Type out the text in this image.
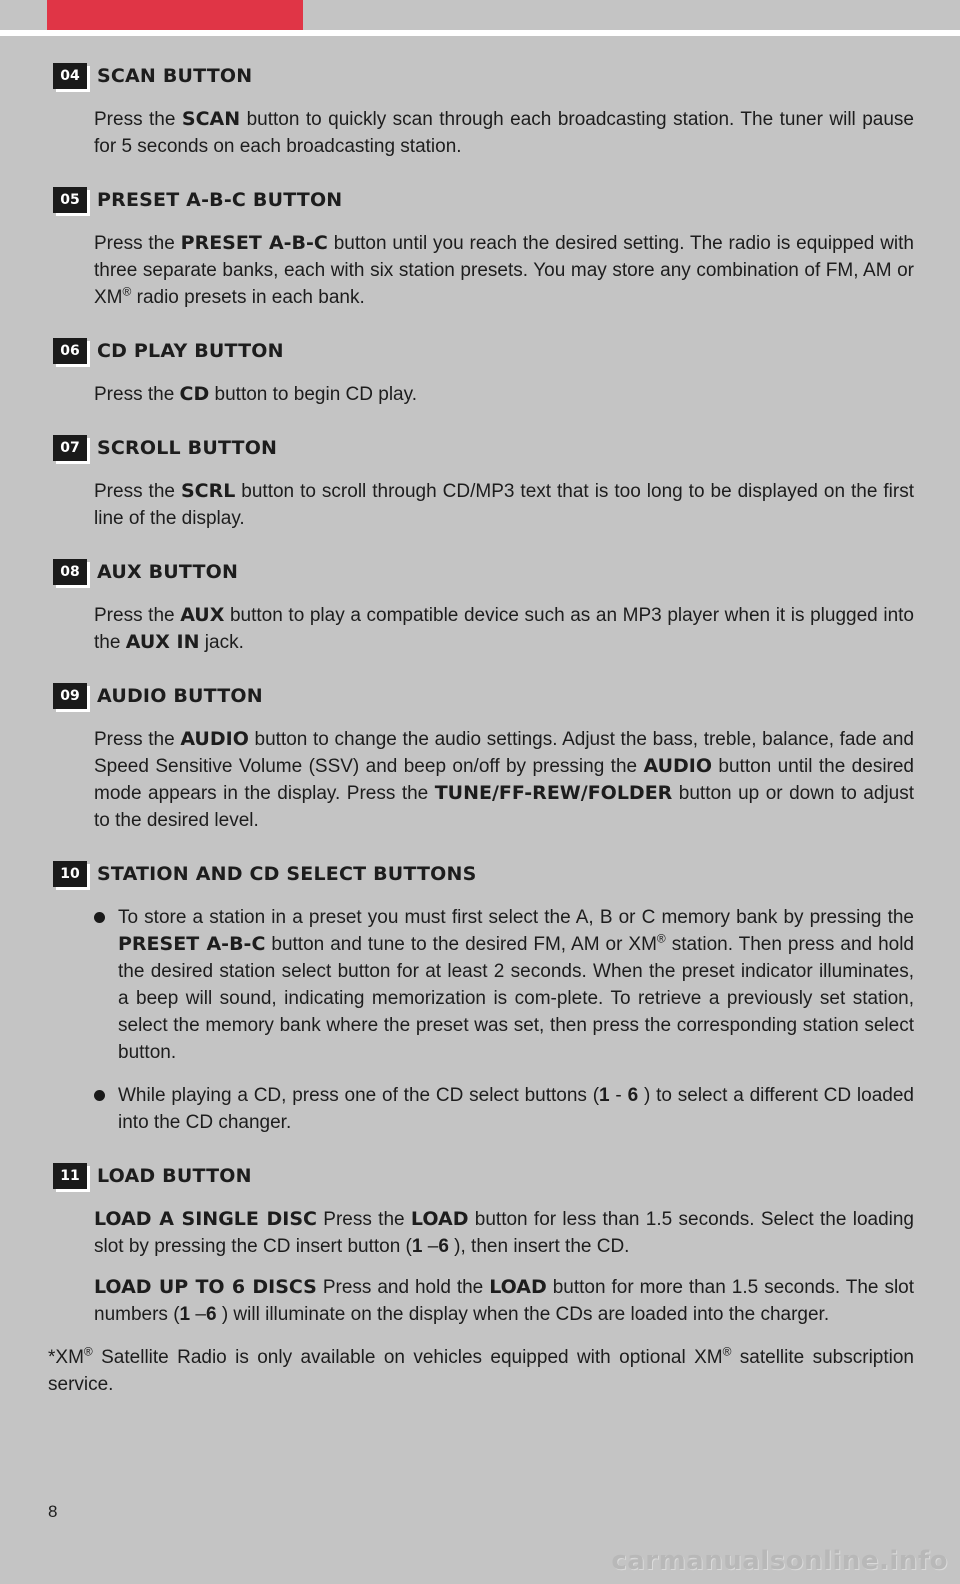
04 SCAN BUTTON

Press the SCAN button to quickly scan through each broadcasting station. The tuner will pause for 5 seconds on each broadcasting station.

05 PRESET A-B-C BUTTON

Press the PRESET A-B-C button until you reach the desired setting. The radio is equipped with three separate banks, each with six station presets. You may store any combination of FM, AM or XM® radio presets in each bank.

06 CD PLAY BUTTON

Press the CD button to begin CD play.

07 SCROLL BUTTON

Press the SCRL button to scroll through CD/MP3 text that is too long to be displayed on the first line of the display.

08 AUX BUTTON

Press the AUX button to play a compatible device such as an MP3 player when it is plugged into the AUX IN jack.

09 AUDIO BUTTON

Press the AUDIO button to change the audio settings. Adjust the bass, treble, balance, fade and Speed Sensitive Volume (SSV) and beep on/off by pressing the AUDIO button until the desired mode appears in the display. Press the TUNE/FF-REW/FOLDER button up or down to adjust to the desired level.

10 STATION AND CD SELECT BUTTONS
To store a station in a preset you must first select the A, B or C memory bank by pressing the PRESET A-B-C button and tune to the desired FM, AM or XM® station. Then press and hold the desired station select button for at least 2 seconds. When the preset indicator illuminates, a beep will sound, indicating memorization is com-plete. To retrieve a previously set station, select the memory bank where the preset was set, then press the corresponding station select button.
While playing a CD, press one of the CD select buttons (1 - 6 ) to select a different CD loaded into the CD changer.
11 LOAD BUTTON

LOAD A SINGLE DISC Press the LOAD button for less than 1.5 seconds. Select the loading slot by pressing the CD insert button (1 –6 ), then insert the CD.

LOAD UP TO 6 DISCS Press and hold the LOAD button for more than 1.5 seconds. The slot numbers (1 –6 ) will illuminate on the display when the CDs are loaded into the charger.

*XM® Satellite Radio is only available on vehicles equipped with optional XM® satellite subscription service.

8
carmanualsonline.info
